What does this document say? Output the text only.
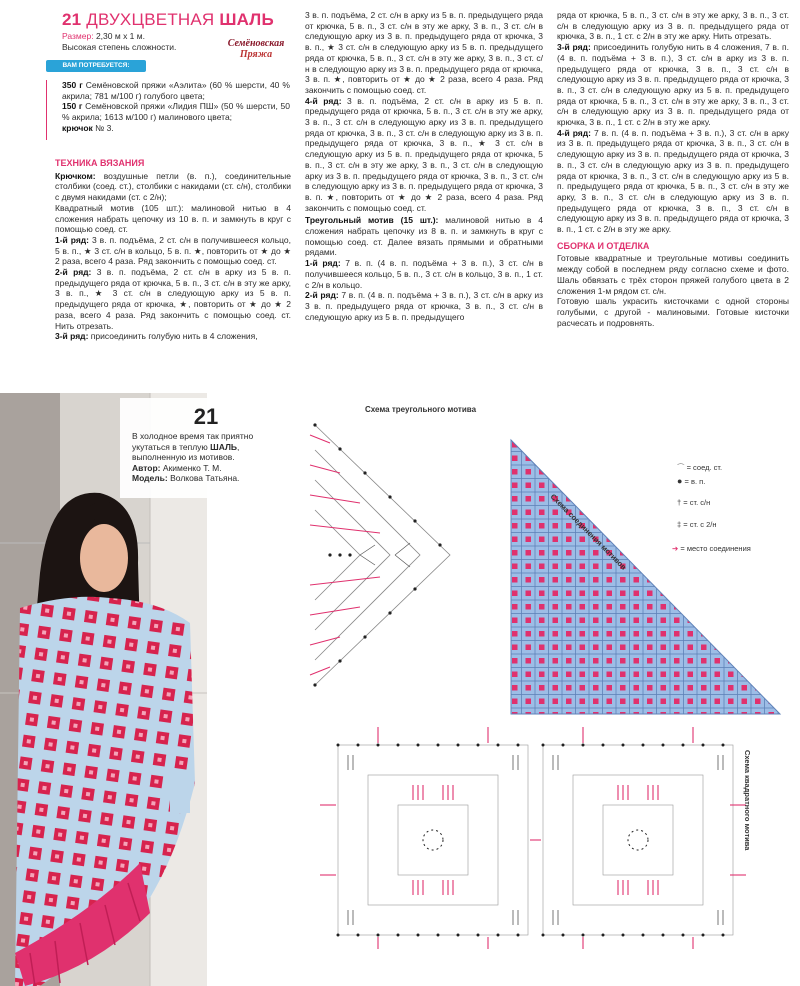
21 ДВУХЦВЕТНАЯ ШАЛЬ
Семёновская
Пряжа

Размер: 2,30 м х 1 м.

Высокая степень сложности.

ВАМ ПОТРЕБУЕТСЯ:

350 г Семёновской пряжи «Аэлита» (60 % шерсти, 40 % акрила; 781 м/100 г) голубого цвета;

150 г Семёновской пряжи «Лидия ПШ» (50 % шерсти, 50 % акрила; 1613 м/100 г) малинового цвета;

крючок № 3.

ТЕХНИКА ВЯЗАНИЯ

Крючком: воздушные петли (в. п.), соединительные столбики (соед. ст.), столбики с накидами (ст. с/н), столбики с двумя накидами (ст. с 2/н);

Квадратный мотив (105 шт.): малиновой нитью в 4 сложения набрать цепочку из 10 в. п. и замкнуть в круг с помощью соед. ст.

1-й ряд: 3 в. п. подъёма, 2 ст. с/н в получившееся кольцо, 5 в. п., ★ 3 ст. с/н в кольцо, 5 в. п. ★, повторить от ★ до ★ 2 раза, всего 4 раза. Ряд закончить с помощью соед. ст.

2-й ряд: 3 в. п. подъёма, 2 ст. с/н в арку из 5 в. п. предыдущего ряда от крючка, 5 в. п., 3 ст. с/н в эту же арку, 3 в. п., ★ 3 ст. с/н в следующую арку из 5 в. п. предыдущего ряда от крючка, ★, повторить от ★ до ★ 2 раза, всего 4 раза. Ряд закончить с помощью соед. ст. Нить отрезать.

3-й ряд: присоединить голубую нить в 4 сложения,

21

В холодное время так приятно укутаться в теплую ШАЛЬ, выполненную из мотивов.

Автор: Акименко Т. М.

Модель: Волкова Татьяна.

3 в. п. подъёма, 2 ст. с/н в арку из 5 в. п. предыдущего ряда от крючка, 5 в. п., 3 ст. с/н в эту же арку, 3 в. п., 3 ст. с/н в следующую арку из 3 в. п. предыдущего ряда от крючка, 3 в. п., ★ 3 ст. с/н в следующую арку из 5 в. п. предыдущего ряда от крючка, 5 в. п., 3 ст. с/н в эту же арку, 3 в. п., 3 ст. с/н в следующую арку из 3 в. п. предыдущего ряда от крючка, 3 в. п. ★, повторить от ★ до ★ 2 раза, всего 4 раза. Ряд закончить с помощью соед. ст.

4-й ряд: 3 в. п. подъёма, 2 ст. с/н в арку из 5 в. п. предыдущего ряда от крючка, 5 в. п., 3 ст. с/н в эту же арку, 3 в. п., 3 ст. с/н в следующую арку из 3 в. п. предыдущего ряда от крючка, 3 в. п., 3 ст. с/н в следующую арку из 3 в. п. предыдущего ряда от крючка, 3 в. п., ★ 3 ст. с/н в следующую арку из 5 в. п. предыдущего ряда от крючка, 5 в. п., 3 ст. с/н в эту же арку, 3 в. п., 3 ст. с/н в следующую арку из 3 в. п. предыдущего ряда от крючка, 3 в. п., 3 ст. с/н в следующую арку из 3 в. п. предыдущего ряда от крючка, 3 в. п. ★, повторить от ★ до ★ 2 раза, всего 4 раза. Ряд закончить с помощью соед. ст.

Треугольный мотив (15 шт.): малиновой нитью в 4 сложения набрать цепочку из 8 в. п. и замкнуть в круг с помощью соед. ст. Далее вязать прямыми и обратными рядами.

1-й ряд: 7 в. п. (4 в. п. подъёма + 3 в. п.), 3 ст. с/н в получившееся кольцо, 5 в. п., 3 ст. с/н в кольцо, 3 в. п., 1 ст. с 2/н в кольцо.

2-й ряд: 7 в. п. (4 в. п. подъёма + 3 в. п.), 3 ст. с/н в арку из 3 в. п. предыдущего ряда от крючка, 3 в. п., 3 ст. с/н в следующую арку из 5 в. п. предыдущего

ряда от крючка, 5 в. п., 3 ст. с/н в эту же арку, 3 в. п., 3 ст. с/н в следующую арку из 3 в. п. предыдущего ряда от крючка, 3 в. п., 1 ст. с 2/н в эту же арку. Нить отрезать.

3-й ряд: присоединить голубую нить в 4 сложения, 7 в. п. (4 в. п. подъёма + 3 в. п.), 3 ст. с/н в арку из 3 в. п. предыдущего ряда от крючка, 3 в. п., 3 ст. с/н в следующую арку из 3 в. п. предыдущего ряда от крючка, 3 в. п., 3 ст. с/н в следующую арку из 5 в. п. предыдущего ряда от крючка, 5 в. п., 3 ст. с/н в эту же арку, 3 в. п., 3 ст. с/н в следующую арку из 3 в. п. предыдущего ряда от крючка, 3 в. п., 1 ст. с 2/н в эту же арку.

4-й ряд: 7 в. п. (4 в. п. подъёма + 3 в. п.), 3 ст. с/н в арку из 3 в. п. предыдущего ряда от крючка, 3 в. п., 3 ст. с/н в следующую арку из 3 в. п. предыдущего ряда от крючка, 3 в. п., 3 ст. с/н в следующую арку из 3 в. п. предыдущего ряда от крючка, 3 в. п., 3 ст. с/н в следующую арку из 5 в. п. предыдущего ряда от крючка, 5 в. п., 3 ст. с/н в эту же арку, 3 в. п., 3 ст. с/н в следующую арку из 3 в. п. предыдущего ряда от крючка, 3 в. п., 3 ст. с/н в следующую арку из 3 в. п. предыдущего ряда от крючка, 3 в. п., 1 ст. с 2/н в эту же арку.

СБОРКА И ОТДЕЛКА

Готовые квадратные и треугольные мотивы соединить между собой в последнем ряду согласно схеме и фото. Шаль обвязать с трёх сторон пряжей голубого цвета в 2 сложения 1-м рядом ст. с/н.

Готовую шаль украсить кисточками с одной стороны голубыми, с другой - малиновыми. Готовые кисточки расчесать и подровнять.

Схема треугольного мотива
Схема соединения мотивов
⌒ = соед. ст.
● = в. п.
† = ст. с/н
‡ = ст. с 2/н
➔ = место соединения
Схема квадратного мотива
